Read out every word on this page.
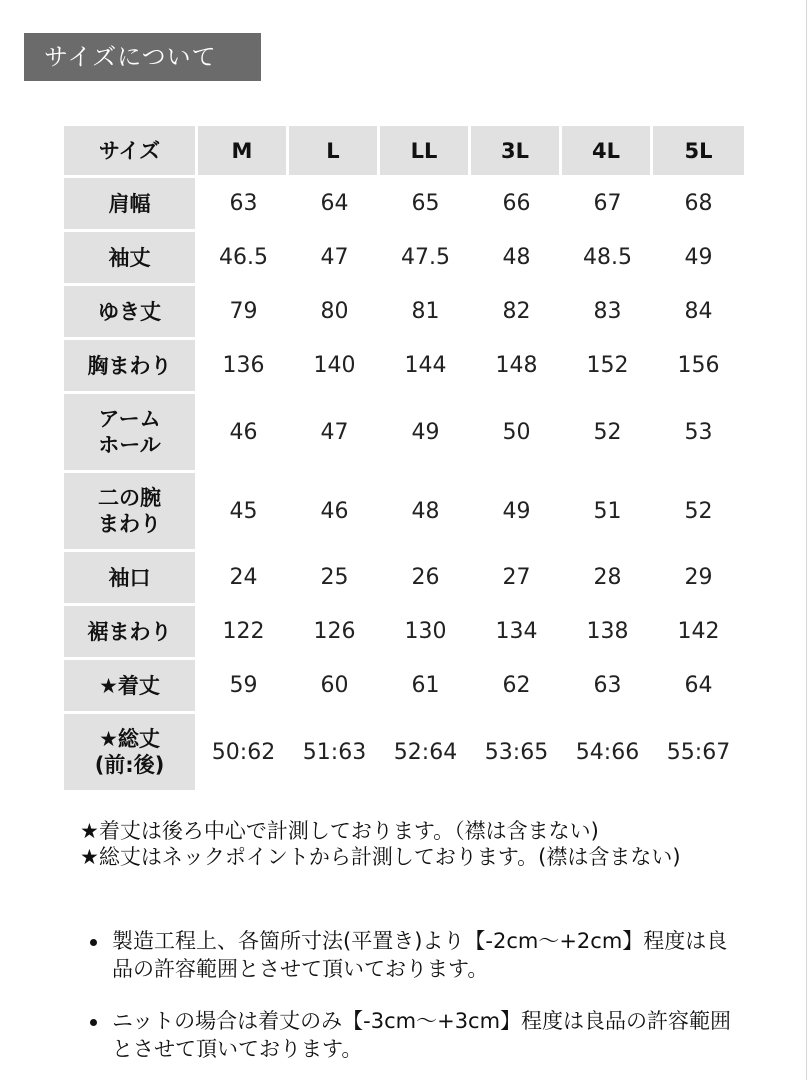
サイズについて
サイズ	M	L	LL	3L	4L	5L

肩幅	63	64	65	66	67	68

袖丈	46.5	47	47.5	48	48.5	49

ゆき丈	79	80	81	82	83	84

胸まわり	136	140	144	148	152	156

アーム
ホール	46	47	49	50	52	53

二の腕
まわり	45	46	48	49	51	52

袖口	24	25	26	27	28	29

裾まわり	122	126	130	134	138	142

★着丈	59	60	61	62	63	64

★総丈
(前:後)	50:62	51:63	52:64	53:65	54:66	55:67

★着丈は後ろ中心で計測しております。（襟は含まない)

★総丈はネックポイントから計測しております。(襟は含まない)

製造工程上、各箇所寸法(平置き)より【-2cm～+2cm】程度は良品の許容範囲とさせて頂いております。
ニットの場合は着丈のみ【-3cm～+3cm】程度は良品の許容範囲とさせて頂いております。
